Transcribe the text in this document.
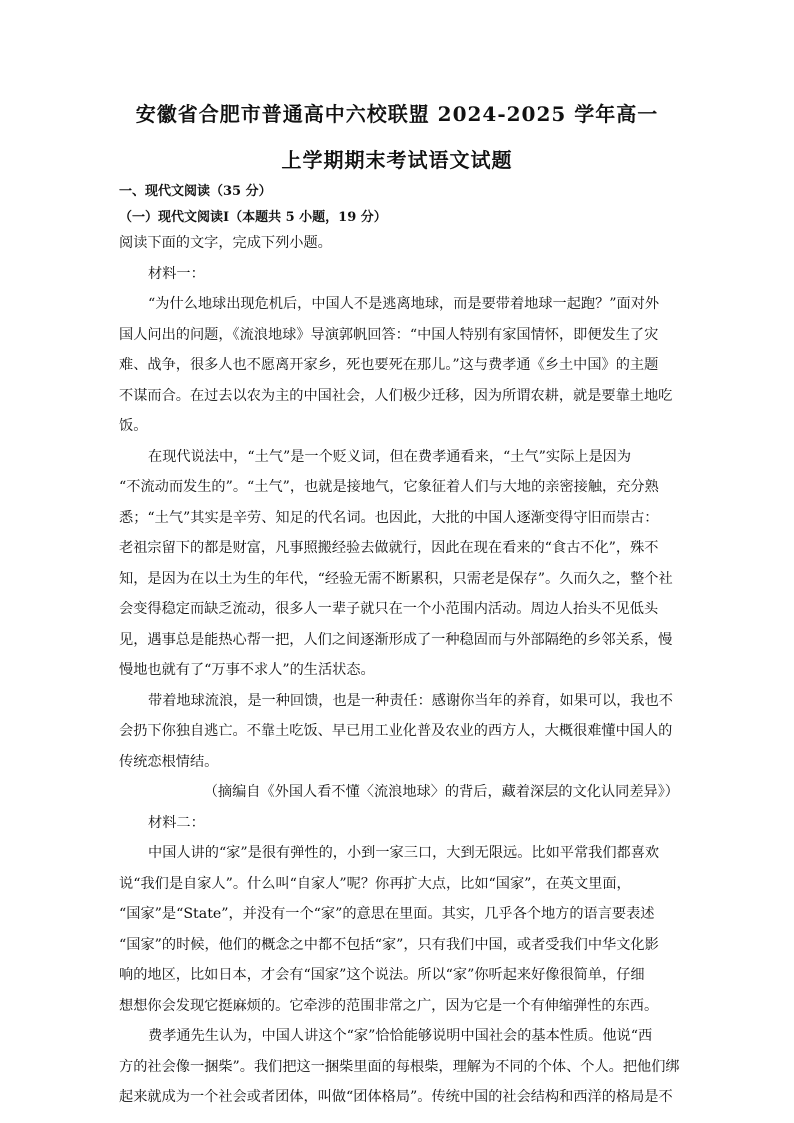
安徽省合肥市普通高中六校联盟 2024-2025 学年高一
上学期期末考试语文试题
一、现代文阅读（35 分）
（一）现代文阅读Ⅰ（本题共 5 小题，19 分）
阅读下面的文字，完成下列小题。
材料一：
“为什么地球出现危机后，中国人不是逃离地球，而是要带着地球一起跑？”面对外
国人问出的问题，《流浪地球》导演郭帆回答：“中国人特别有家国情怀，即便发生了灾
难、战争，很多人也不愿离开家乡，死也要死在那儿。”这与费孝通《乡土中国》的主题
不谋而合。在过去以农为主的中国社会，人们极少迁移，因为所谓农耕，就是要靠土地吃
饭。
在现代说法中，“土气”是一个贬义词，但在费孝通看来，“土气”实际上是因为
“不流动而发生的”。“土气”，也就是接地气，它象征着人们与大地的亲密接触，充分熟
悉；“土气”其实是辛劳、知足的代名词。也因此，大批的中国人逐渐变得守旧而崇古：
老祖宗留下的都是财富，凡事照搬经验去做就行，因此在现在看来的“食古不化”，殊不
知，是因为在以土为生的年代，“经验无需不断累积，只需老是保存”。久而久之，整个社
会变得稳定而缺乏流动，很多人一辈子就只在一个小范围内活动。周边人抬头不见低头
见，遇事总是能热心帮一把，人们之间逐渐形成了一种稳固而与外部隔绝的乡邻关系，慢
慢地也就有了“万事不求人”的生活状态。
带着地球流浪，是一种回馈，也是一种责任：感谢你当年的养育，如果可以，我也不
会扔下你独自逃亡。不靠土吃饭、早已用工业化普及农业的西方人，大概很难懂中国人的
传统恋根情结。
（摘编自《外国人看不懂〈流浪地球〉的背后，藏着深层的文化认同差异》）
材料二：
中国人讲的“家”是很有弹性的，小到一家三口，大到无限远。比如平常我们都喜欢
说“我们是自家人”。什么叫“自家人”呢？你再扩大点，比如“国家”，在英文里面，
“国家”是“State”，并没有一个“家”的意思在里面。其实，几乎各个地方的语言要表述
“国家”的时候，他们的概念之中都不包括“家”，只有我们中国，或者受我们中华文化影
响的地区，比如日本，才会有“国家”这个说法。所以“家”你听起来好像很简单，仔细
想想你会发现它挺麻烦的。它牵涉的范围非常之广，因为它是一个有伸缩弹性的东西。
费孝通先生认为，中国人讲这个“家”恰恰能够说明中国社会的基本性质。他说“西
方的社会像一捆柴”。我们把这一捆柴里面的每根柴，理解为不同的个体、个人。把他们绑
起来就成为一个社会或者团体，叫做“团体格局”。传统中国的社会结构和西洋的格局是不
